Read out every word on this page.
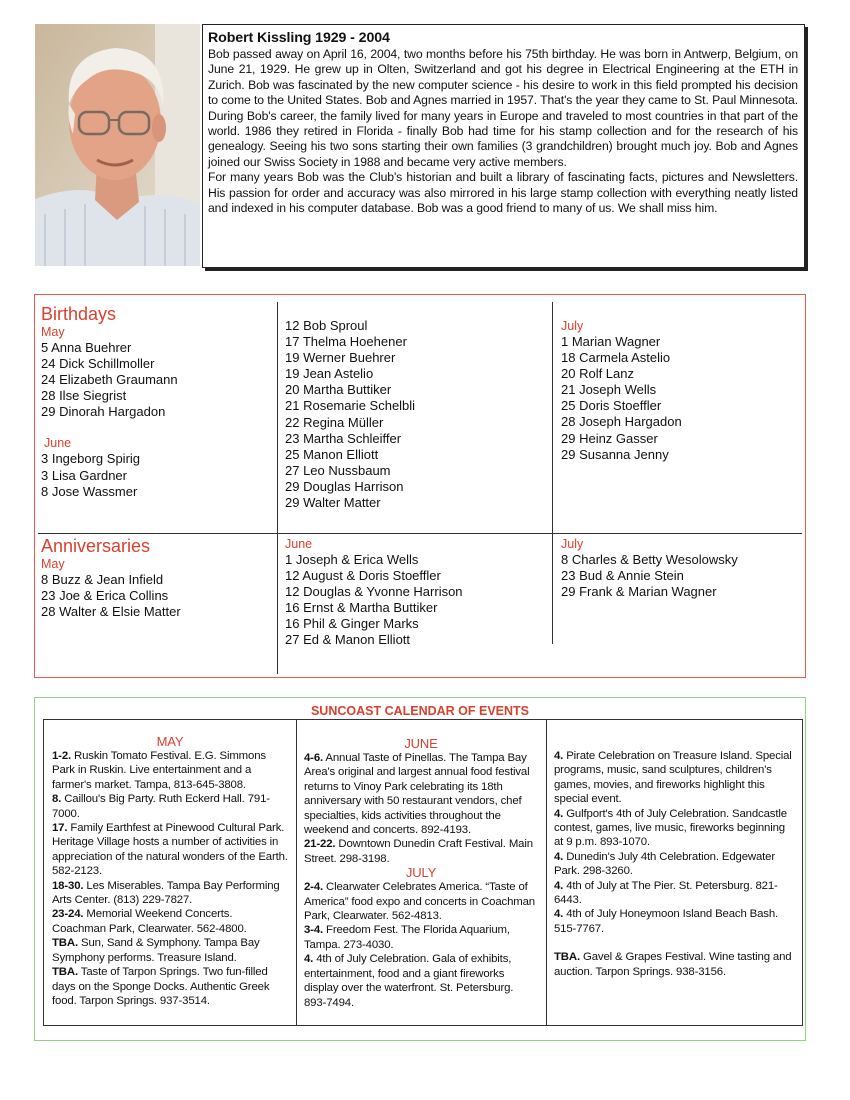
Robert Kissling 1929 - 2004

Bob passed away on April 16, 2004, two months before his 75th birthday. He was born in Antwerp, Belgium, on June 21, 1929. He grew up in Olten, Switzerland and got his degree in Electrical Engineering at the ETH in Zurich. Bob was fascinated by the new computer science - his desire to work in this field prompted his decision to come to the United States. Bob and Agnes married in 1957. That's the year they came to St. Paul Minnesota. During Bob's career, the family lived for many years in Europe and traveled to most countries in that part of the world. 1986 they retired in Florida - finally Bob had time for his stamp collection and for the research of his genealogy. Seeing his two sons starting their own families (3 grandchildren) brought much joy. Bob and Agnes joined our Swiss Society in 1988 and became very active members.

For many years Bob was the Club's historian and built a library of fascinating facts, pictures and Newsletters. His passion for order and accuracy was also mirrored in his large stamp collection with everything neatly listed and indexed in his computer database. Bob was a good friend to many of us. We shall miss him.

Birthdays
May
5 Anna Buehrer
24 Dick Schillmoller
24 Elizabeth Graumann
28 Ilse Siegrist
29 Dinorah Hargadon
June
3 Ingeborg Spirig
3 Lisa Gardner
8 Jose Wassmer
12 Bob Sproul
17 Thelma Hoehener
19 Werner Buehrer
19 Jean Astelio
20 Martha Buttiker
21 Rosemarie Schelbli
22 Regina Müller
23 Martha Schleiffer
25 Manon Elliott
27 Leo Nussbaum
29 Douglas Harrison
29 Walter Matter
July
1 Marian Wagner
18 Carmela Astelio
20 Rolf Lanz
21 Joseph Wells
25 Doris Stoeffler
28 Joseph Hargadon
29 Heinz Gasser
29 Susanna Jenny
Anniversaries
May
8 Buzz & Jean Infield
23 Joe & Erica Collins
28 Walter & Elsie Matter
June
1 Joseph & Erica Wells
12 August & Doris Stoeffler
12 Douglas & Yvonne Harrison
16 Ernst & Martha Buttiker
16 Phil & Ginger Marks
27 Ed & Manon Elliott
July
8 Charles & Betty Wesolowsky
23 Bud & Annie Stein
29 Frank & Marian Wagner
SUNCOAST CALENDAR OF EVENTS
MAY

1-2. Ruskin Tomato Festival. E.G. Simmons Park in Ruskin. Live entertainment and a farmer's market. Tampa, 813-645-3808.

8. Caillou's Big Party. Ruth Eckerd Hall. 791-7000.

17. Family Earthfest at Pinewood Cultural Park. Heritage Village hosts a number of activities in appreciation of the natural wonders of the Earth. 582-2123.

18-30. Les Miserables. Tampa Bay Performing Arts Center. (813) 229-7827.

23-24. Memorial Weekend Concerts. Coachman Park, Clearwater. 562-4800.

TBA. Sun, Sand & Symphony. Tampa Bay Symphony performs. Treasure Island.

TBA. Taste of Tarpon Springs. Two fun-filled days on the Sponge Docks. Authentic Greek food. Tarpon Springs. 937-3514.

JUNE

4-6. Annual Taste of Pinellas. The Tampa Bay Area's original and largest annual food festival returns to Vinoy Park celebrating its 18th anniversary with 50 restaurant vendors, chef specialties, kids activities throughout the weekend and concerts. 892-4193.

21-22. Downtown Dunedin Craft Festival. Main Street. 298-3198.

JULY

2-4. Clearwater Celebrates America. “Taste of America” food expo and concerts in Coachman Park, Clearwater. 562-4813.

3-4. Freedom Fest. The Florida Aquarium, Tampa. 273-4030.

4. 4th of July Celebration. Gala of exhibits, entertainment, food and a giant fireworks display over the waterfront. St. Petersburg. 893-7494.

4. Pirate Celebration on Treasure Island. Special programs, music, sand sculptures, children's games, movies, and fireworks highlight this special event.

4. Gulfport's 4th of July Celebration. Sandcastle contest, games, live music, fireworks beginning at 9 p.m. 893-1070.

4. Dunedin's July 4th Celebration. Edgewater Park. 298-3260.

4. 4th of July at The Pier. St. Petersburg. 821-6443.

4. 4th of July Honeymoon Island Beach Bash. 515-7767.

TBA. Gavel & Grapes Festival. Wine tasting and auction. Tarpon Springs. 938-3156.
